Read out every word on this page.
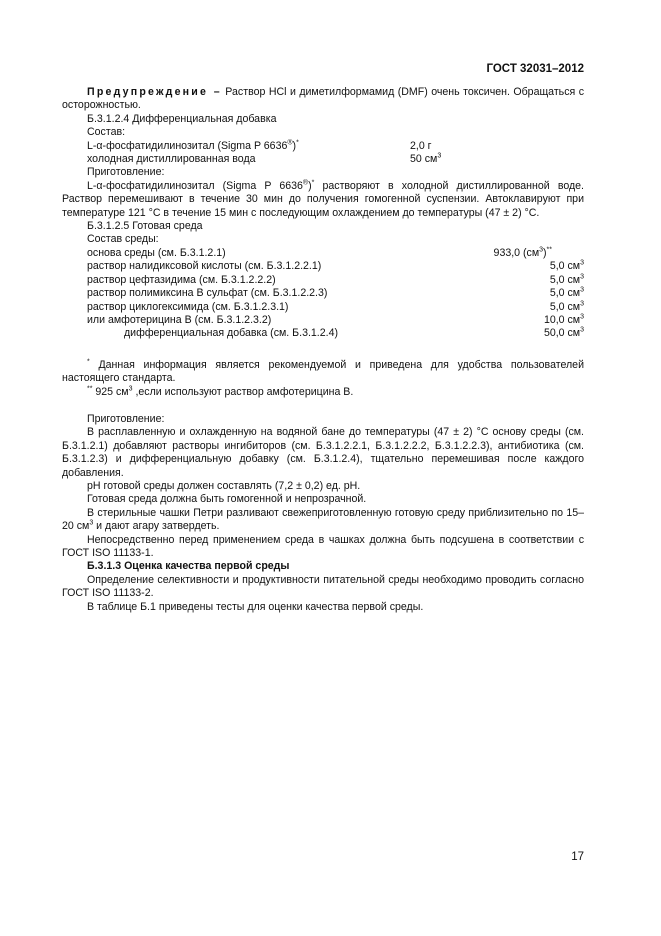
ГОСТ 32031–2012

Предупреждение – Раствор HCl и диметилформамид (DMF) очень токсичен. Обращаться с осторожностью.

Б.3.1.2.4 Дифференциальная добавка

Состав:

L-α-фосфатидилинозитал (Sigma P 6636®)*	2,0 г
холодная дистиллированная вода	50 $см^3$

Приготовление:

L-α-фосфатидилинозитал (Sigma P 6636®)* растворяют в холодной дистиллированной воде. Раствор перемешивают в течение 30 мин до получения гомогенной суспензии. Автоклавируют при температуре 121 °С в течение 15 мин с последующим охлаждением до температуры (47 ± 2) °С.

Б.3.1.2.5 Готовая среда

Состав среды:

основа среды (см. Б.3.1.2.1)	933,0 $(см^3)^{**}$
раствор налидиксовой кислоты (см. Б.3.1.2.2.1)	5,0 $см^3$
раствор цефтазидима (см. Б.3.1.2.2.2)	5,0 $см^3$
раствор полимиксина В сульфат (см. Б.3.1.2.2.3)	5,0 $см^3$
раствор циклогексимида (см. Б.3.1.2.3.1)	5,0 $см^3$
или амфотерицина В (см. Б.3.1.2.3.2)	10,0 $см^3$
дифференциальная добавка (см. Б.3.1.2.4)	50,0 $см^3$

* Данная информация является рекомендуемой и приведена для удобства пользователей настоящего стандарта.

** 925 $см^3$ ,если используют раствор амфотерицина В.

Приготовление:

В расплавленную и охлажденную на водяной бане до температуры (47 ± 2) °С основу среды (см. Б.3.1.2.1) добавляют растворы ингибиторов (см. Б.3.1.2.2.1, Б.3.1.2.2.2, Б.3.1.2.2.3), антибиотика (см. Б.3.1.2.3) и дифференциальную добавку (см. Б.3.1.2.4), тщательно перемешивая после каждого добавления.

pH готовой среды должен составлять (7,2 ± 0,2) ед. pH.

Готовая среда должна быть гомогенной и непрозрачной.

В стерильные чашки Петри разливают свежеприготовленную готовую среду приблизительно по 15–20 $см^3$ и дают агару затвердеть.

Непосредственно перед применением среда в чашках должна быть подсушена в соответствии с ГОСТ ISO 11133-1.

Б.3.1.3 Оценка качества первой среды

Определение селективности и продуктивности питательной среды необходимо проводить согласно ГОСТ ISO 11133-2.

В таблице Б.1 приведены тесты для оценки качества первой среды.

17
